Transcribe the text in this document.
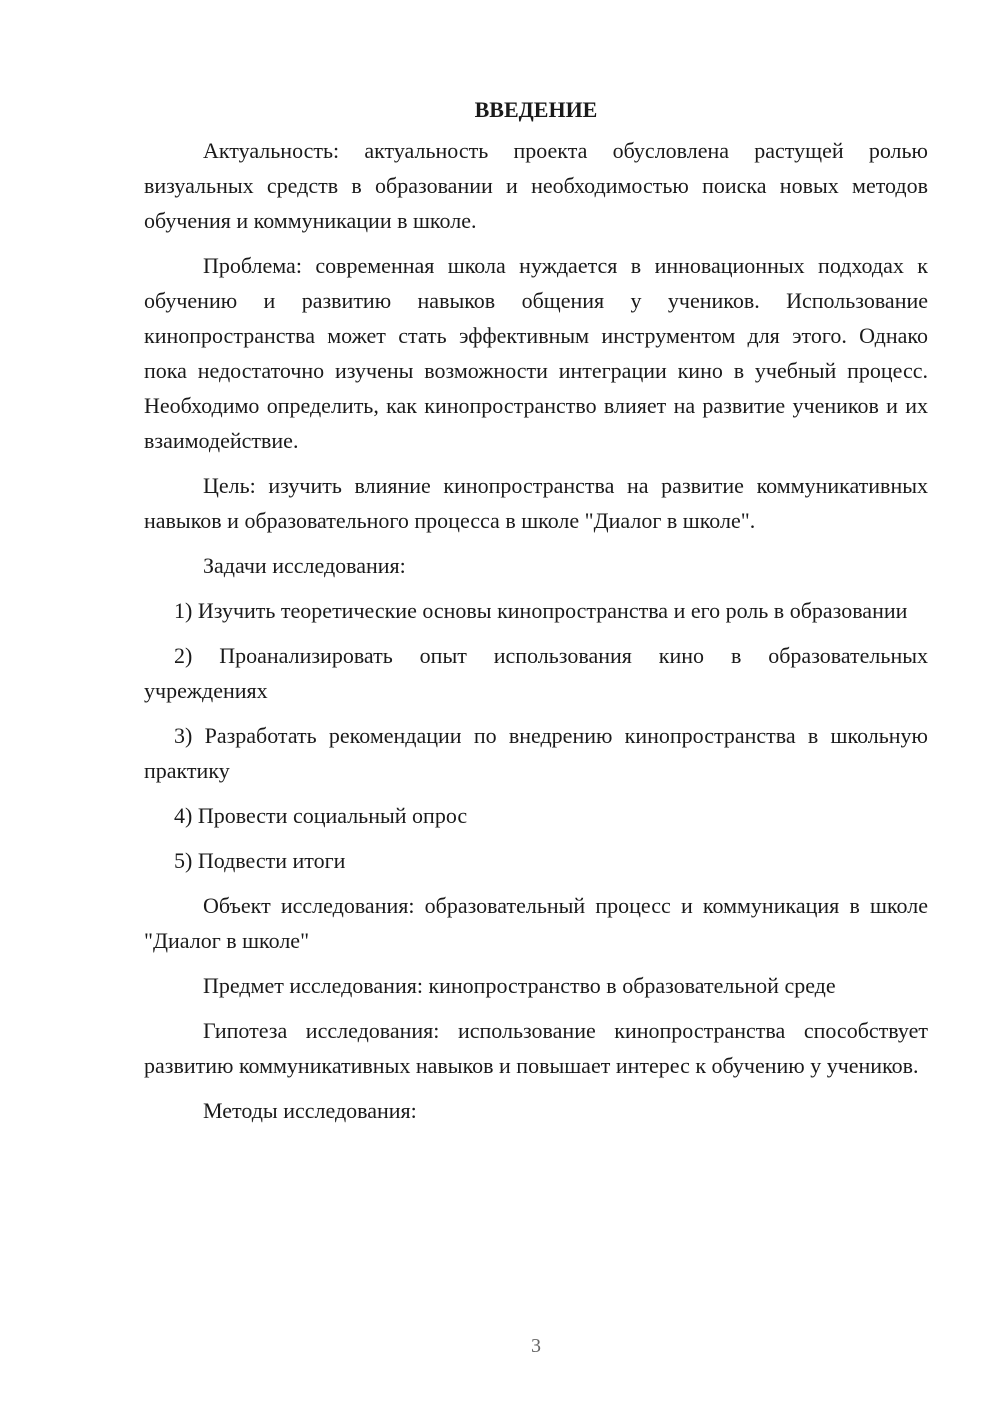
ВВЕДЕНИЕ

Актуальность: актуальность проекта обусловлена растущей ролью визуальных средств в образовании и необходимостью поиска новых методов обучения и коммуникации в школе.

Проблема: современная школа нуждается в инновационных подходах к обучению и развитию навыков общения у учеников. Использование кинопространства может стать эффективным инструментом для этого. Однако пока недостаточно изучены возможности интеграции кино в учебный процесс. Необходимо определить, как кинопространство влияет на развитие учеников и их взаимодействие.

Цель: изучить влияние кинопространства на развитие коммуникативных навыков и образовательного процесса в школе "Диалог в школе".

Задачи исследования:

1) Изучить теоретические основы кинопространства и его роль в образовании

2) Проанализировать опыт использования кино в образовательных учреждениях

3) Разработать рекомендации по внедрению кинопространства в школьную практику

4) Провести социальный опрос

5) Подвести итоги

Объект исследования: образовательный процесс и коммуникация в школе "Диалог в школе"

Предмет исследования: кинопространство в образовательной среде

Гипотеза исследования: использование кинопространства способствует развитию коммуникативных навыков и повышает интерес к обучению у учеников.

Методы исследования:

3
